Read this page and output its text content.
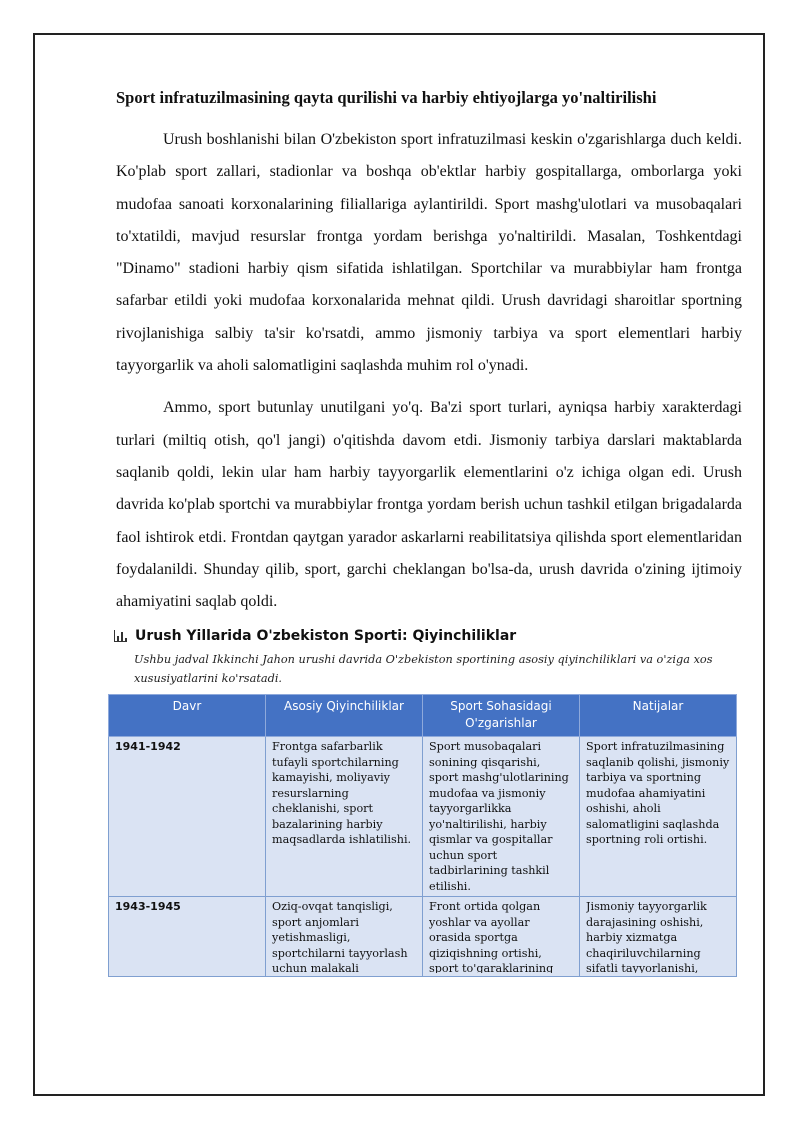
Sport infratuzilmasining qayta qurilishi va harbiy ehtiyojlarga yo'naltirilishi

Urush boshlanishi bilan O'zbekiston sport infratuzilmasi keskin o'zgarishlarga duch keldi. Ko'plab sport zallari, stadionlar va boshqa ob'ektlar harbiy gospitallarga, omborlarga yoki mudofaa sanoati korxonalarining filiallariga aylantirildi. Sport mashg'ulotlari va musobaqalari to'xtatildi, mavjud resurslar frontga yordam berishga yo'naltirildi. Masalan, Toshkentdagi "Dinamo" stadioni harbiy qism sifatida ishlatilgan. Sportchilar va murabbiylar ham frontga safarbar etildi yoki mudofaa korxonalarida mehnat qildi. Urush davridagi sharoitlar sportning rivojlanishiga salbiy ta'sir ko'rsatdi, ammo jismoniy tarbiya va sport elementlari harbiy tayyorgarlik va aholi salomatligini saqlashda muhim rol o'ynadi.

Ammo, sport butunlay unutilgani yo'q. Ba'zi sport turlari, ayniqsa harbiy xarakterdagi turlari (miltiq otish, qo'l jangi) o'qitishda davom etdi. Jismoniy tarbiya darslari maktablarda saqlanib qoldi, lekin ular ham harbiy tayyorgarlik elementlarini o'z ichiga olgan edi. Urush davrida ko'plab sportchi va murabbiylar frontga yordam berish uchun tashkil etilgan brigadalarda faol ishtirok etdi. Frontdan qaytgan yarador askarlarni reabilitatsiya qilishda sport elementlaridan foydalanildi. Shunday qilib, sport, garchi cheklangan bo'lsa-da, urush davrida o'zining ijtimoiy ahamiyatini saqlab qoldi.

Urush Yillarida O'zbekiston Sporti: Qiyinchiliklar
Ushbu jadval Ikkinchi Jahon urushi davrida O'zbekiston sportining asosiy qiyinchiliklari va o'ziga xos xususiyatlarini ko'rsatadi.
Davr	Asosiy Qiyinchiliklar	Sport Sohasidagi O'zgarishlar	Natijalar
1941-1942	Frontga safarbarlik tufayli sportchilarning kamayishi, moliyaviy resurslarning cheklanishi, sport bazalarining harbiy maqsadlarda ishlatilishi.	Sport musobaqalari sonining qisqarishi, sport mashg'ulotlarining mudofaa va jismoniy tayyorgarlikka yo'naltirilishi, harbiy qismlar va gospitallar uchun sport tadbirlarining tashkil etilishi.	Sport infratuzilmasining saqlanib qolishi, jismoniy tarbiya va sportning mudofaa ahamiyatini oshishi, aholi salomatligini saqlashda sportning roli ortishi.

1943-1945	Oziq-ovqat tanqisligi, sport anjomlari yetishmasligi, sportchilarni tayyorlash uchun malakali	Front ortida qolgan yoshlar va ayollar orasida sportga qiziqishning ortishi, sport to'garaklarining	Jismoniy tayyorgarlik darajasining oshishi, harbiy xizmatga chaqiriluvchilarning sifatli tayyorlanishi,
